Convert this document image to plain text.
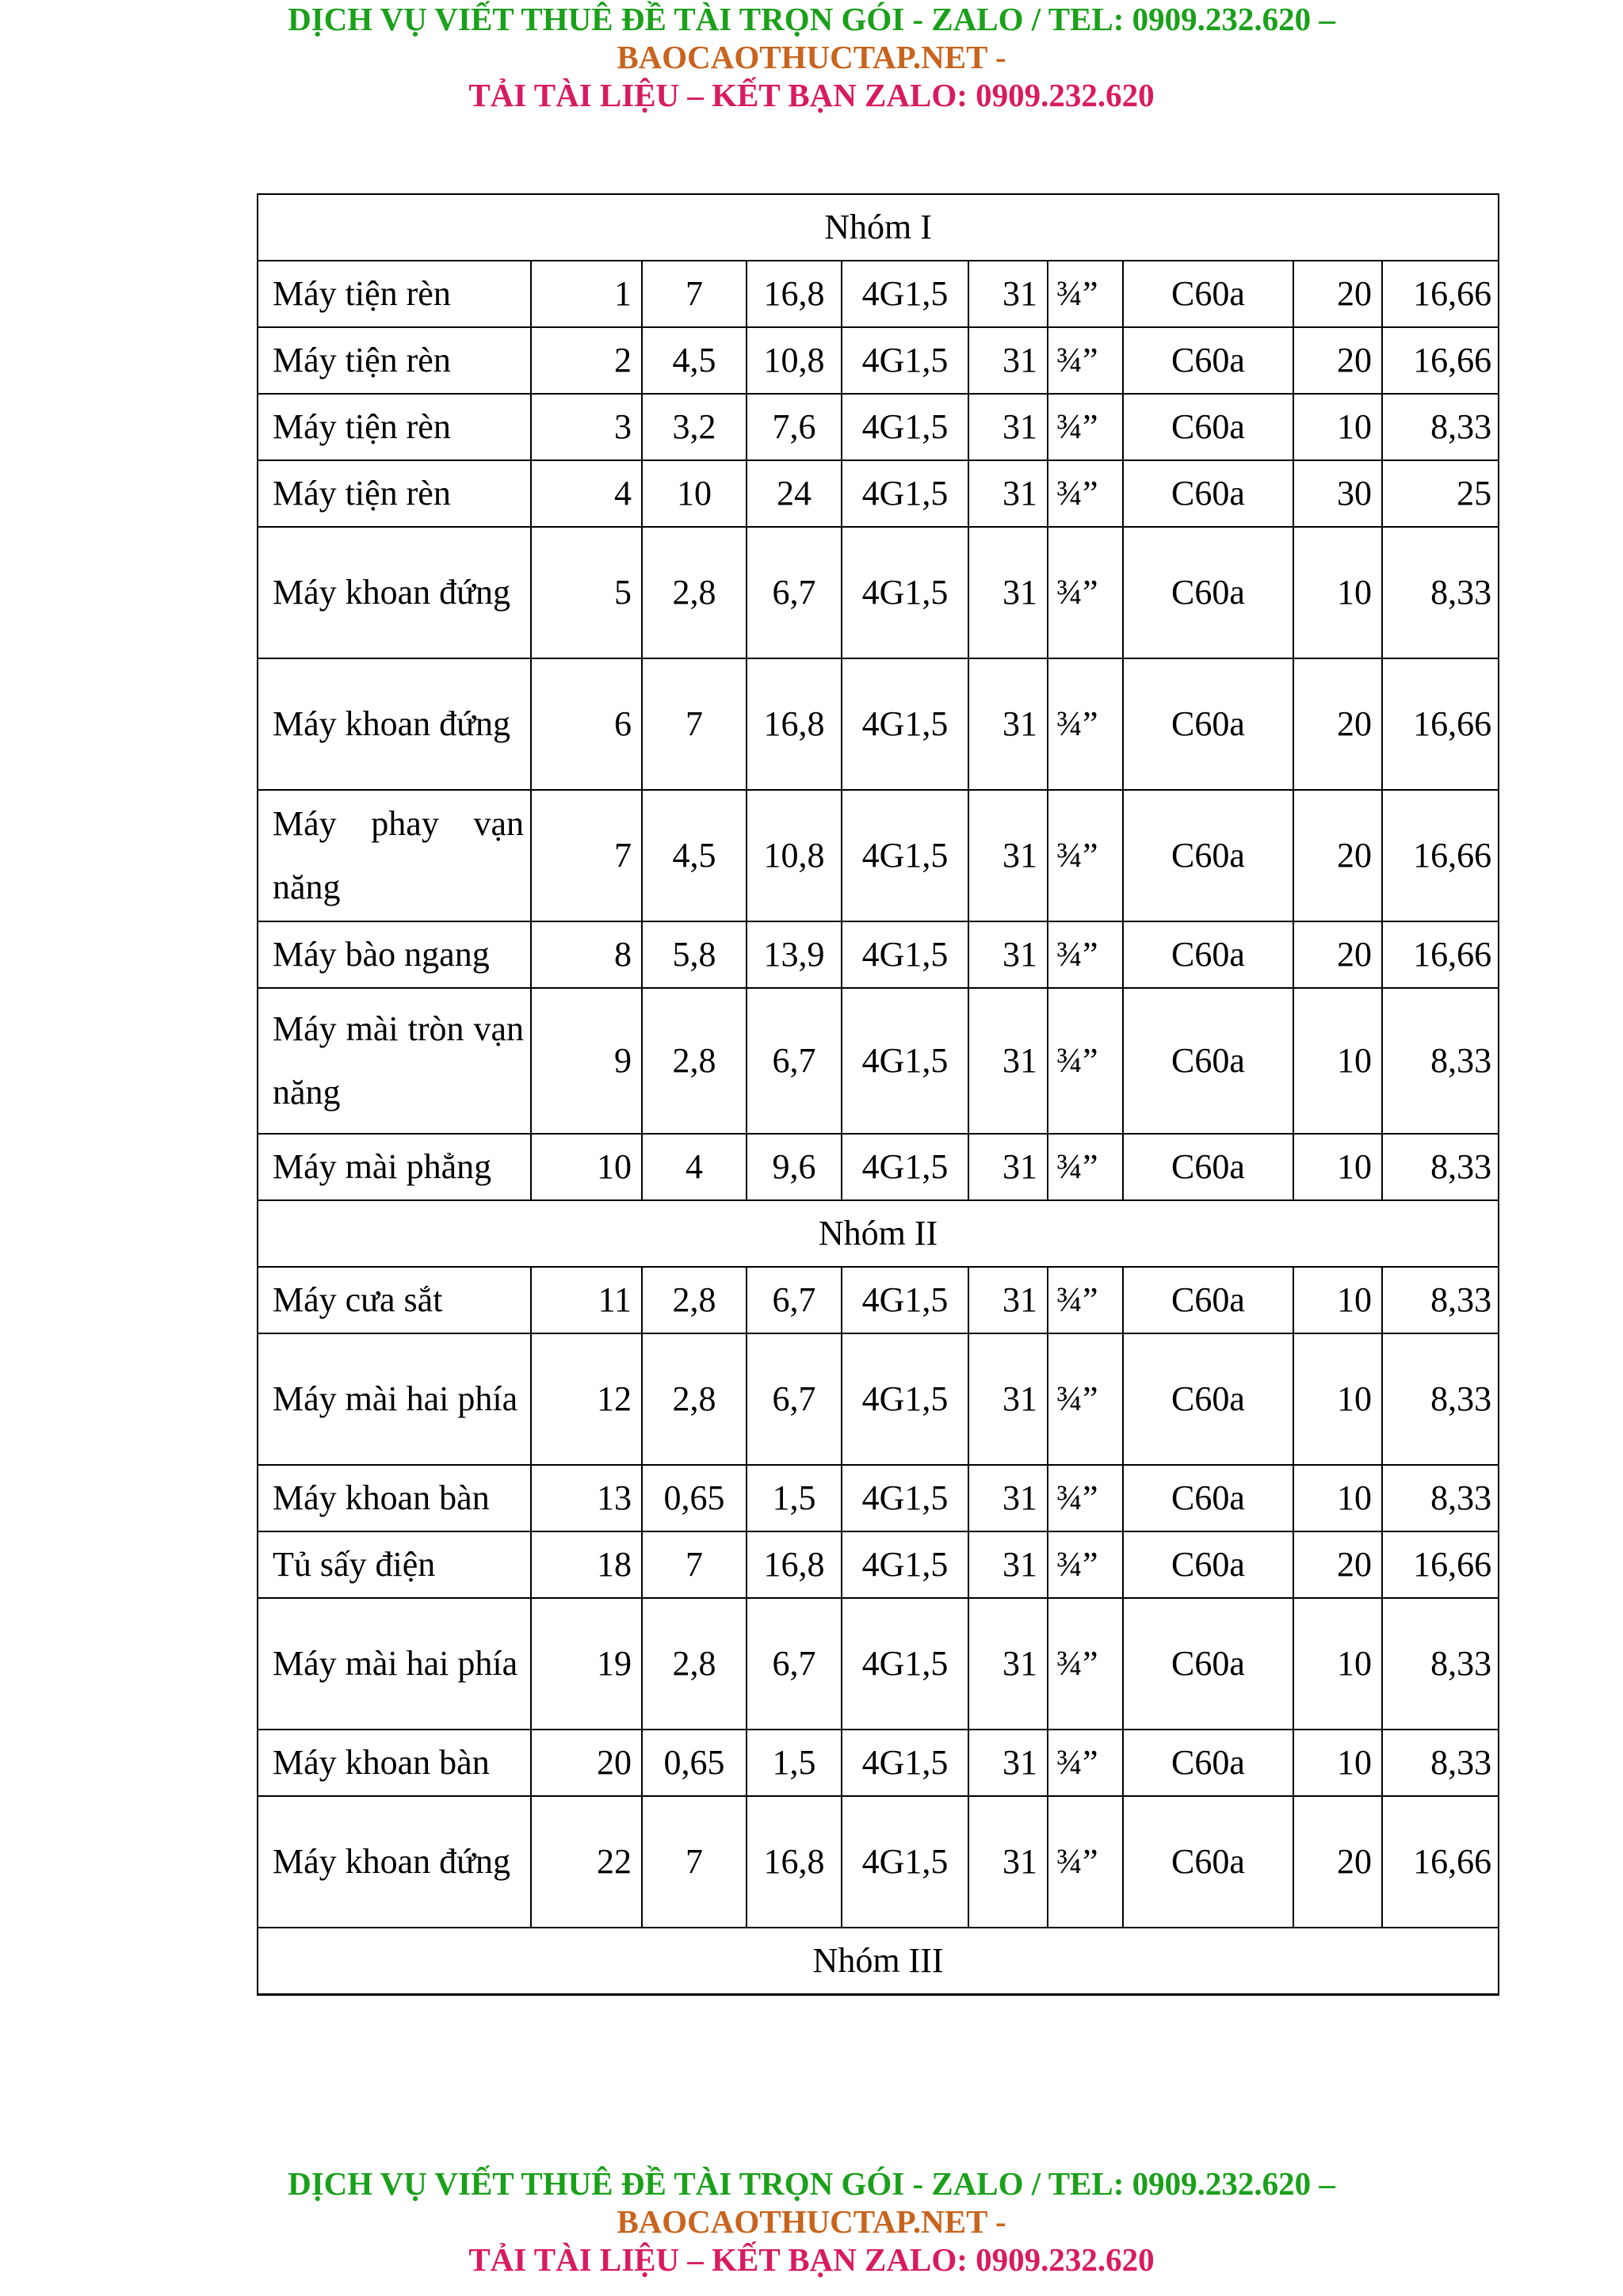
DỊCH VỤ VIẾT THUÊ ĐỀ TÀI TRỌN GÓI - ZALO / TEL: 0909.232.620 –
BAOCAOTHUCTAP.NET -
TẢI TÀI LIỆU – KẾT BẠN ZALO: 0909.232.620
Nhóm I									
Máy tiện rèn	1	7	16,8	4G1,5	31	¾”	C60a	20	16,66
Máy tiện rèn	2	4,5	10,8	4G1,5	31	¾”	C60a	20	16,66
Máy tiện rèn	3	3,2	7,6	4G1,5	31	¾”	C60a	10	8,33
Máy tiện rèn	4	10	24	4G1,5	31	¾”	C60a	30	25
Máy khoan đứng	5	2,8	6,7	4G1,5	31	¾”	C60a	10	8,33
Máy khoan đứng	6	7	16,8	4G1,5	31	¾”	C60a	20	16,66
Máy phay vạn năng	7	4,5	10,8	4G1,5	31	¾”	C60a	20	16,66
Máy bào ngang	8	5,8	13,9	4G1,5	31	¾”	C60a	20	16,66
Máy mài tròn vạn năng	9	2,8	6,7	4G1,5	31	¾”	C60a	10	8,33
Máy mài phẳng	10	4	9,6	4G1,5	31	¾”	C60a	10	8,33
Nhóm II									
Máy cưa sắt	11	2,8	6,7	4G1,5	31	¾”	C60a	10	8,33
Máy mài hai phía	12	2,8	6,7	4G1,5	31	¾”	C60a	10	8,33
Máy khoan bàn	13	0,65	1,5	4G1,5	31	¾”	C60a	10	8,33
Tủ sấy điện	18	7	16,8	4G1,5	31	¾”	C60a	20	16,66
Máy mài hai phía	19	2,8	6,7	4G1,5	31	¾”	C60a	10	8,33
Máy khoan bàn	20	0,65	1,5	4G1,5	31	¾”	C60a	10	8,33
Máy khoan đứng	22	7	16,8	4G1,5	31	¾”	C60a	20	16,66
Nhóm III									
DỊCH VỤ VIẾT THUÊ ĐỀ TÀI TRỌN GÓI - ZALO / TEL: 0909.232.620 –
BAOCAOTHUCTAP.NET -
TẢI TÀI LIỆU – KẾT BẠN ZALO: 0909.232.620
